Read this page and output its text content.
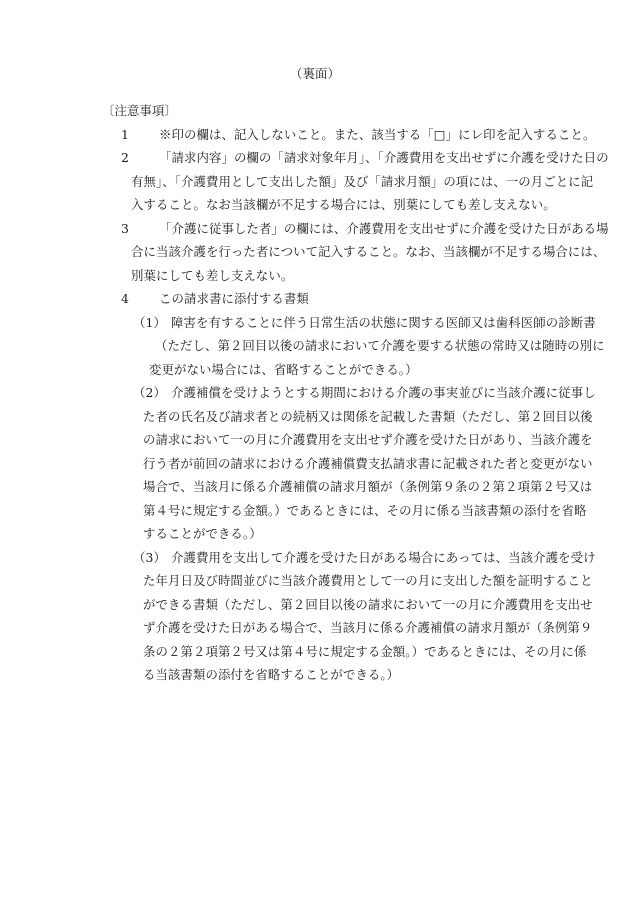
（裏面）
〔注意事項〕
1 ※印の欄は、記入しないこと。また、該当する「□」にレ印を記入すること。
2 「請求内容」の欄の「請求対象年月」、「介護費用を支出せずに介護を受けた日の
有無」、「介護費用として支出した額」及び「請求月額」の項には、一の月ごとに記
入すること。なお当該欄が不足する場合には、別葉にしても差し支えない。
3 「介護に従事した者」の欄には、介護費用を支出せずに介護を受けた日がある場
合に当該介護を行った者について記入すること。なお、当該欄が不足する場合には、
別葉にしても差し支えない。
4 この請求書に添付する書類
（1） 障害を有することに伴う日常生活の状態に関する医師又は歯科医師の診断書
（ただし、第２回目以後の請求において介護を要する状態の常時又は随時の別に
変更がない場合には、省略することができる。）
（2） 介護補償を受けようとする期間における介護の事実並びに当該介護に従事し
た者の氏名及び請求者との続柄又は関係を記載した書類（ただし、第２回目以後
の請求において一の月に介護費用を支出せず介護を受けた日があり、当該介護を
行う者が前回の請求における介護補償費支払請求書に記載された者と変更がない
場合で、当該月に係る介護補償の請求月額が（条例第９条の２第２項第２号又は
第４号に規定する金額。）であるときには、その月に係る当該書類の添付を省略
することができる。）
（3） 介護費用を支出して介護を受けた日がある場合にあっては、当該介護を受け
た年月日及び時間並びに当該介護費用として一の月に支出した額を証明すること
ができる書類（ただし、第２回目以後の請求において一の月に介護費用を支出せ
ず介護を受けた日がある場合で、当該月に係る介護補償の請求月額が（条例第９
条の２第２項第２号又は第４号に規定する金額。）であるときには、その月に係
る当該書類の添付を省略することができる。）
